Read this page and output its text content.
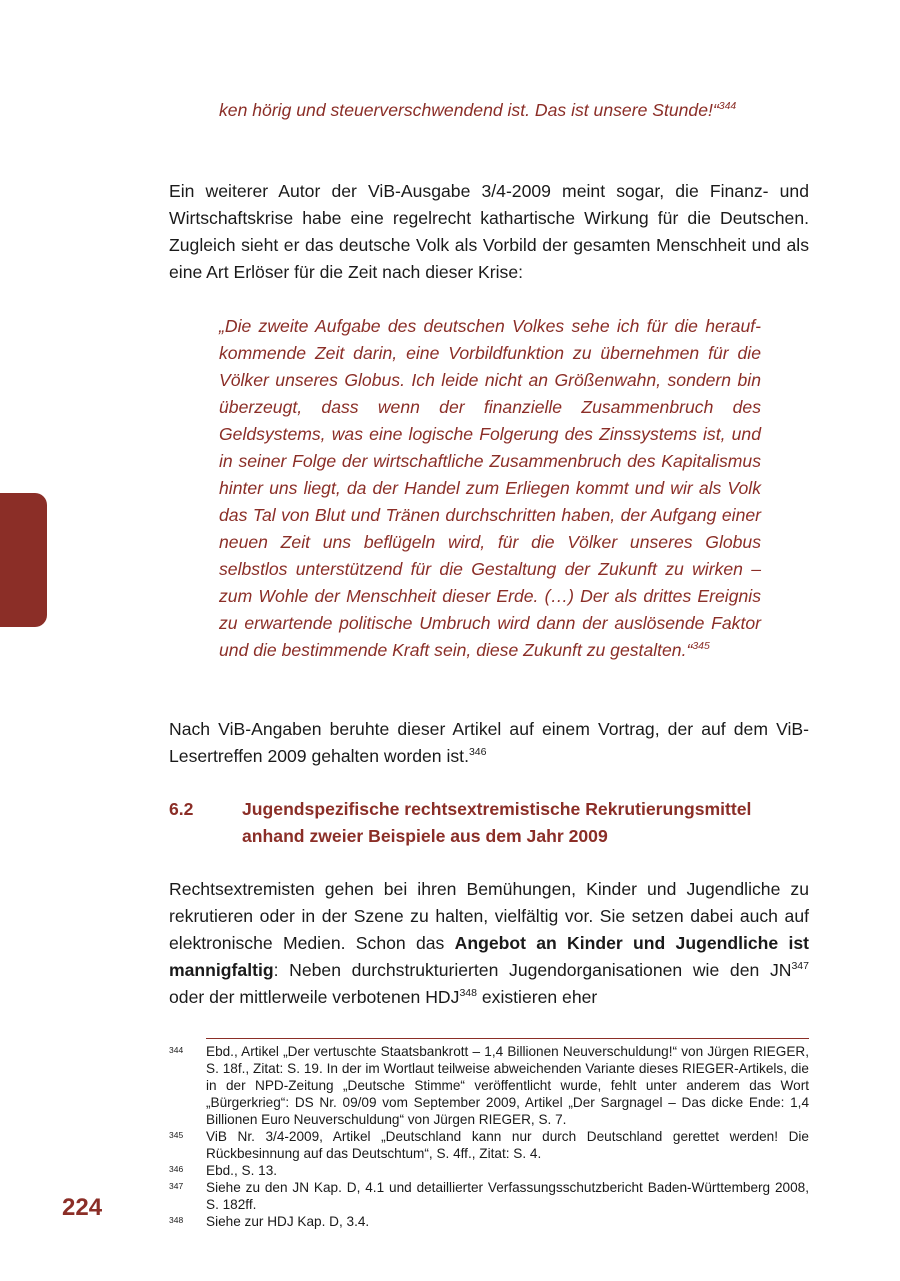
ken hörig und steuerverschwendend ist. Das ist unsere Stunde!“$^{344}$

Ein weiterer Autor der ViB-Ausgabe 3/4-2009 meint sogar, die Finanz- und Wirtschaftskrise habe eine regelrecht kathartische Wirkung für die Deutschen. Zugleich sieht er das deutsche Volk als Vorbild der gesamten Menschheit und als eine Art Erlöser für die Zeit nach dieser Krise:

„Die zweite Aufgabe des deutschen Volkes sehe ich für die heraufkommende Zeit darin, eine Vorbildfunktion zu übernehmen für die Völker unseres Globus. Ich leide nicht an Größenwahn, sondern bin überzeugt, dass wenn der finanzielle Zusammenbruch des Geldsystems, was eine logische Folgerung des Zinssystems ist, und in seiner Folge der wirtschaftliche Zusammenbruch des Kapitalismus hinter uns liegt, da der Handel zum Erliegen kommt und wir als Volk das Tal von Blut und Tränen durchschritten haben, der Aufgang einer neuen Zeit uns beflügeln wird, für die Völker unseres Globus selbstlos unterstützend für die Gestaltung der Zukunft zu wirken – zum Wohle der Menschheit dieser Erde. (…) Der als drittes Ereignis zu erwartende politische Umbruch wird dann der auslösende Faktor und die bestimmende Kraft sein, diese Zukunft zu gestalten.“$^{345}$

Nach ViB-Angaben beruhte dieser Artikel auf einem Vortrag, der auf dem ViB-Lesertreffen 2009 gehalten worden ist.$^{346}$

6.2	Jugendspezifische rechtsextremistische Rekrutierungsmittel anhand zweier Beispiele aus dem Jahr 2009

Rechtsextremisten gehen bei ihren Bemühungen, Kinder und Jugendliche zu rekrutieren oder in der Szene zu halten, vielfältig vor. Sie setzen dabei auch auf elektronische Medien. Schon das Angebot an Kinder und Jugendliche ist mannigfaltig: Neben durchstrukturierten Jugendorganisationen wie den JN$^{347}$ oder der mittlerweile verbotenen HDJ$^{348}$ existieren eher

344	Ebd., Artikel „Der vertuschte Staatsbankrott – 1,4 Billionen Neuverschuldung!“ von Jürgen RIEGER, S. 18f., Zitat: S. 19. In der im Wortlaut teilweise abweichenden Variante dieses RIEGER-Artikels, die in der NPD-Zeitung „Deutsche Stimme“ veröffentlicht wurde, fehlt unter anderem das Wort „Bürgerkrieg“: DS Nr. 09/09 vom September 2009, Artikel „Der Sargnagel – Das dicke Ende: 1,4 Billionen Euro Neuverschuldung“ von Jürgen RIEGER, S. 7.
345	ViB Nr. 3/4-2009, Artikel „Deutschland kann nur durch Deutschland gerettet werden! Die Rückbesinnung auf das Deutschtum“, S. 4ff., Zitat: S. 4.
346	Ebd., S. 13.
347	Siehe zu den JN Kap. D, 4.1 und detaillierter Verfassungsschutzbericht Baden-Württemberg 2008, S. 182ff.
348	Siehe zur HDJ Kap. D, 3.4.
224
